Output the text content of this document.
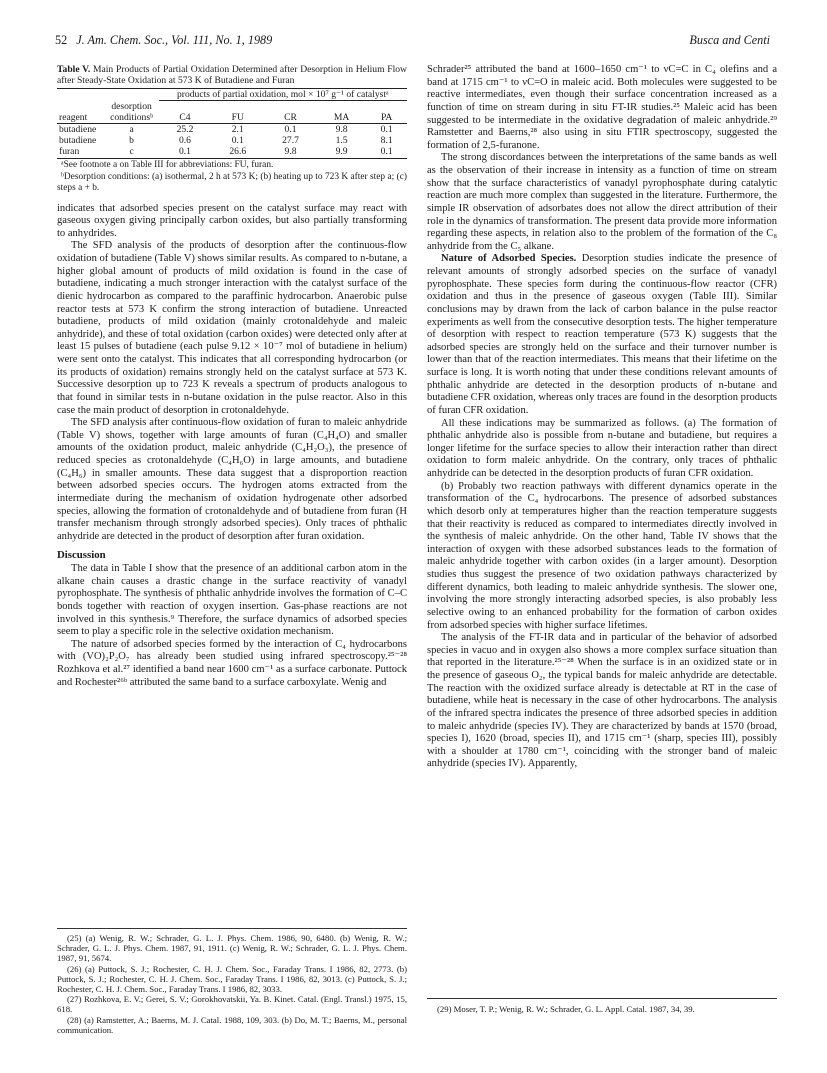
52 J. Am. Chem. Soc., Vol. 111, No. 1, 1989	Busca and Centi

Table V. Main Products of Partial Oxidation Determined after Desorption in Helium Flow after Steady-State Oxidation at 573 K of Butadiene and Furan

		products of partial oxidation, mol × 10⁷ g⁻¹ of catalystᵃ				
	desorption					
reagent	conditionsᵇ	C4	FU	CR	MA	PA
butadiene	a	25.2	2.1	0.1	9.8	0.1
butadiene	b	0.6	0.1	27.7	1.5	8.1
furan	c	0.1	26.6	9.8	9.9	0.1

ᵃSee footnote a on Table III for abbreviations: FU, furan.

ᵇDesorption conditions: (a) isothermal, 2 h at 573 K; (b) heating up to 723 K after step a; (c) steps a + b.

indicates that adsorbed species present on the catalyst surface may react with gaseous oxygen giving principally carbon oxides, but also partially transforming to anhydrides.

The SFD analysis of the products of desorption after the continuous-flow oxidation of butadiene (Table V) shows similar results. As compared to n-butane, a higher global amount of products of mild oxidation is found in the case of butadiene, indicating a much stronger interaction with the catalyst surface of the dienic hydrocarbon as compared to the paraffinic hydrocarbon. Anaerobic pulse reactor tests at 573 K confirm the strong interaction of butadiene. Unreacted butadiene, products of mild oxidation (mainly crotonaldehyde and maleic anhydride), and these of total oxidation (carbon oxides) were detected only after at least 15 pulses of butadiene (each pulse 9.12 × 10⁻⁷ mol of butadiene in helium) were sent onto the catalyst. This indicates that all corresponding hydrocarbon (or its products of oxidation) remains strongly held on the catalyst surface at 573 K. Successive desorption up to 723 K reveals a spectrum of products analogous to that found in similar tests in n-butane oxidation in the pulse reactor. Also in this case the main product of desorption in crotonaldehyde.

The SFD analysis after continuous-flow oxidation of furan to maleic anhydride (Table V) shows, together with large amounts of furan (C₄H₄O) and smaller amounts of the oxidation product, maleic anhydride (C₄H₂O₃), the presence of reduced species as crotonaldehyde (C₄H₆O) in large amounts, and butadiene (C₄H₆) in smaller amounts. These data suggest that a disproportion reaction between adsorbed species occurs. The hydrogen atoms extracted from the intermediate during the mechanism of oxidation hydrogenate other adsorbed species, allowing the formation of crotonaldehyde and of butadiene from furan (H transfer mechanism through strongly adsorbed species). Only traces of phthalic anhydride are detected in the product of desorption after furan oxidation.

Discussion

The data in Table I show that the presence of an additional carbon atom in the alkane chain causes a drastic change in the surface reactivity of vanadyl pyrophosphate. The synthesis of phthalic anhydride involves the formation of C–C bonds together with reaction of oxygen insertion. Gas-phase reactions are not involved in this synthesis.⁹ Therefore, the surface dynamics of adsorbed species seem to play a specific role in the selective oxidation mechanism.

The nature of adsorbed species formed by the interaction of C₄ hydrocarbons with (VO)₂P₂O₇ has already been studied using infrared spectroscopy.²⁵⁻²⁸ Rozhkova et al.²⁷ identified a band near 1600 cm⁻¹ as a surface carbonate. Puttock and Rochester²⁶ᵇ attributed the same band to a surface carboxylate. Wenig and

Schrader²⁵ attributed the band at 1600–1650 cm⁻¹ to νC=C in C₄ olefins and a band at 1715 cm⁻¹ to νC=O in maleic acid. Both molecules were suggested to be reactive intermediates, even though their surface concentration increased as a function of time on stream during in situ FT-IR studies.²⁵ Maleic acid has been suggested to be intermediate in the oxidative degradation of maleic anhydride.²⁹ Ramstetter and Baerns,²⁸ also using in situ FTIR spectroscopy, suggested the formation of 2,5-furanone.

The strong discordances between the interpretations of the same bands as well as the observation of their increase in intensity as a function of time on stream show that the surface characteristics of vanadyl pyrophosphate during catalytic reaction are much more complex than suggested in the literature. Furthermore, the simple IR observation of adsorbates does not allow the direct attribution of their role in the dynamics of transformation. The present data provide more information regarding these aspects, in relation also to the problem of the formation of the C₈ anhydride from the C₅ alkane.

Nature of Adsorbed Species. Desorption studies indicate the presence of relevant amounts of strongly adsorbed species on the surface of vanadyl pyrophosphate. These species form during the continuous-flow reactor (CFR) oxidation and thus in the presence of gaseous oxygen (Table III). Similar conclusions may by drawn from the lack of carbon balance in the pulse reactor experiments as well from the consecutive desorption tests. The higher temperature of desorption with respect to reaction temperature (573 K) suggests that the adsorbed species are strongly held on the surface and their turnover number is lower than that of the reaction intermediates. This means that their lifetime on the surface is long. It is worth noting that under these conditions relevant amounts of phthalic anhydride are detected in the desorption products of n-butane and butadiene CFR oxidation, whereas only traces are found in the desorption products of furan CFR oxidation.

All these indications may be summarized as follows. (a) The formation of phthalic anhydride also is possible from n-butane and butadiene, but requires a longer lifetime for the surface species to allow their interaction rather than direct oxidation to form maleic anhydride. On the contrary, only traces of phthalic anhydride can be detected in the desorption products of furan CFR oxidation.

(b) Probably two reaction pathways with different dynamics operate in the transformation of the C₄ hydrocarbons. The presence of adsorbed substances which desorb only at temperatures higher than the reaction temperature suggests that their reactivity is reduced as compared to intermediates directly involved in the synthesis of maleic anhydride. On the other hand, Table IV shows that the interaction of oxygen with these adsorbed substances leads to the formation of maleic anhydride together with carbon oxides (in a larger amount). Desorption studies thus suggest the presence of two oxidation pathways characterized by different dynamics, both leading to maleic anhydride synthesis. The slower one, involving the more strongly interacting adsorbed species, is also probably less selective owing to an enhanced probability for the formation of carbon oxides from adsorbed species with higher surface lifetimes.

The analysis of the FT-IR data and in particular of the behavior of adsorbed species in vacuo and in oxygen also shows a more complex surface situation than that reported in the literature.²⁵⁻²⁸ When the surface is in an oxidized state or in the presence of gaseous O₂, the typical bands for maleic anhydride are detectable. The reaction with the oxidized surface already is detectable at RT in the case of butadiene, while heat is necessary in the case of other hydrocarbons. The analysis of the infrared spectra indicates the presence of three adsorbed species in addition to maleic anhydride (species IV). They are characterized by bands at 1570 (broad, species I), 1620 (broad, species II), and 1715 cm⁻¹ (sharp, species III), possibly with a shoulder at 1780 cm⁻¹, coinciding with the stronger band of maleic anhydride (species IV). Apparently,

(25) (a) Wenig, R. W.; Schrader, G. L. J. Phys. Chem. 1986, 90, 6480. (b) Wenig, R. W.; Schrader, G. L. J. Phys. Chem. 1987, 91, 1911. (c) Wenig, R. W.; Schrader, G. L. J. Phys. Chem. 1987, 91, 5674.

(26) (a) Puttock, S. J.; Rochester, C. H. J. Chem. Soc., Faraday Trans. I 1986, 82, 2773. (b) Puttock, S. J.; Rochester, C. H. J. Chem. Soc., Faraday Trans. I 1986, 82, 3013. (c) Puttock, S. J.; Rochester, C. H. J. Chem. Soc., Faraday Trans. I 1986, 82, 3033.

(27) Rozhkova, E. V.; Gerei, S. V.; Gorokhovatskii, Ya. B. Kinet. Catal. (Engl. Transl.) 1975, 15, 618.

(28) (a) Ramstetter, A.; Baerns, M. J. Catal. 1988, 109, 303. (b) Do, M. T.; Baerns, M., personal communication.

(29) Moser, T. P.; Wenig, R. W.; Schrader, G. L. Appl. Catal. 1987, 34, 39.
